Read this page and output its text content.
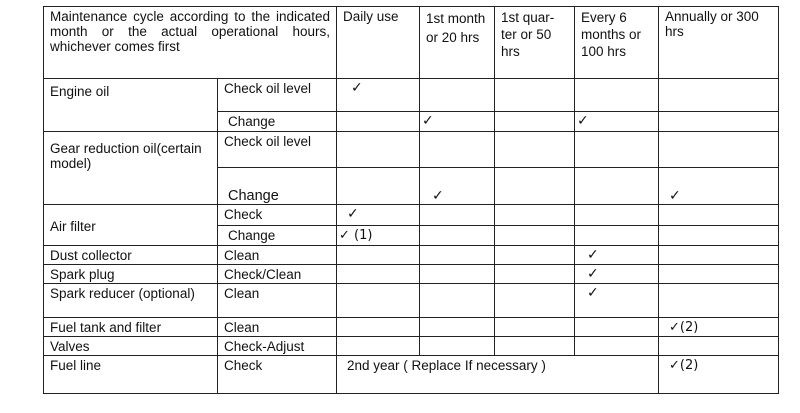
Maintenance cycle according to the indicated month or the actual operational hours, whichever comes first		Daily use	1st month or 20 hrs	1st quar-ter or 50 hrs	Every 6 months or 100 hrs	Annually or 300 hrs
Engine oil	Check oil level	✓				
	Change		✓		✓	
Gear reduction oil(certain model)	Check oil level					
	Change		✓			✓
Air filter	Check	✓				
	Change	✓ (1)				
Dust collector	Clean				✓	
Spark plug	Check/Clean				✓	
Spark reducer (optional)	Clean				✓	
Fuel tank and filter	Clean					✓(2)
Valves	Check-Adjust					
Fuel line	Check	2nd year ( Replace If necessary )				✓(2)
